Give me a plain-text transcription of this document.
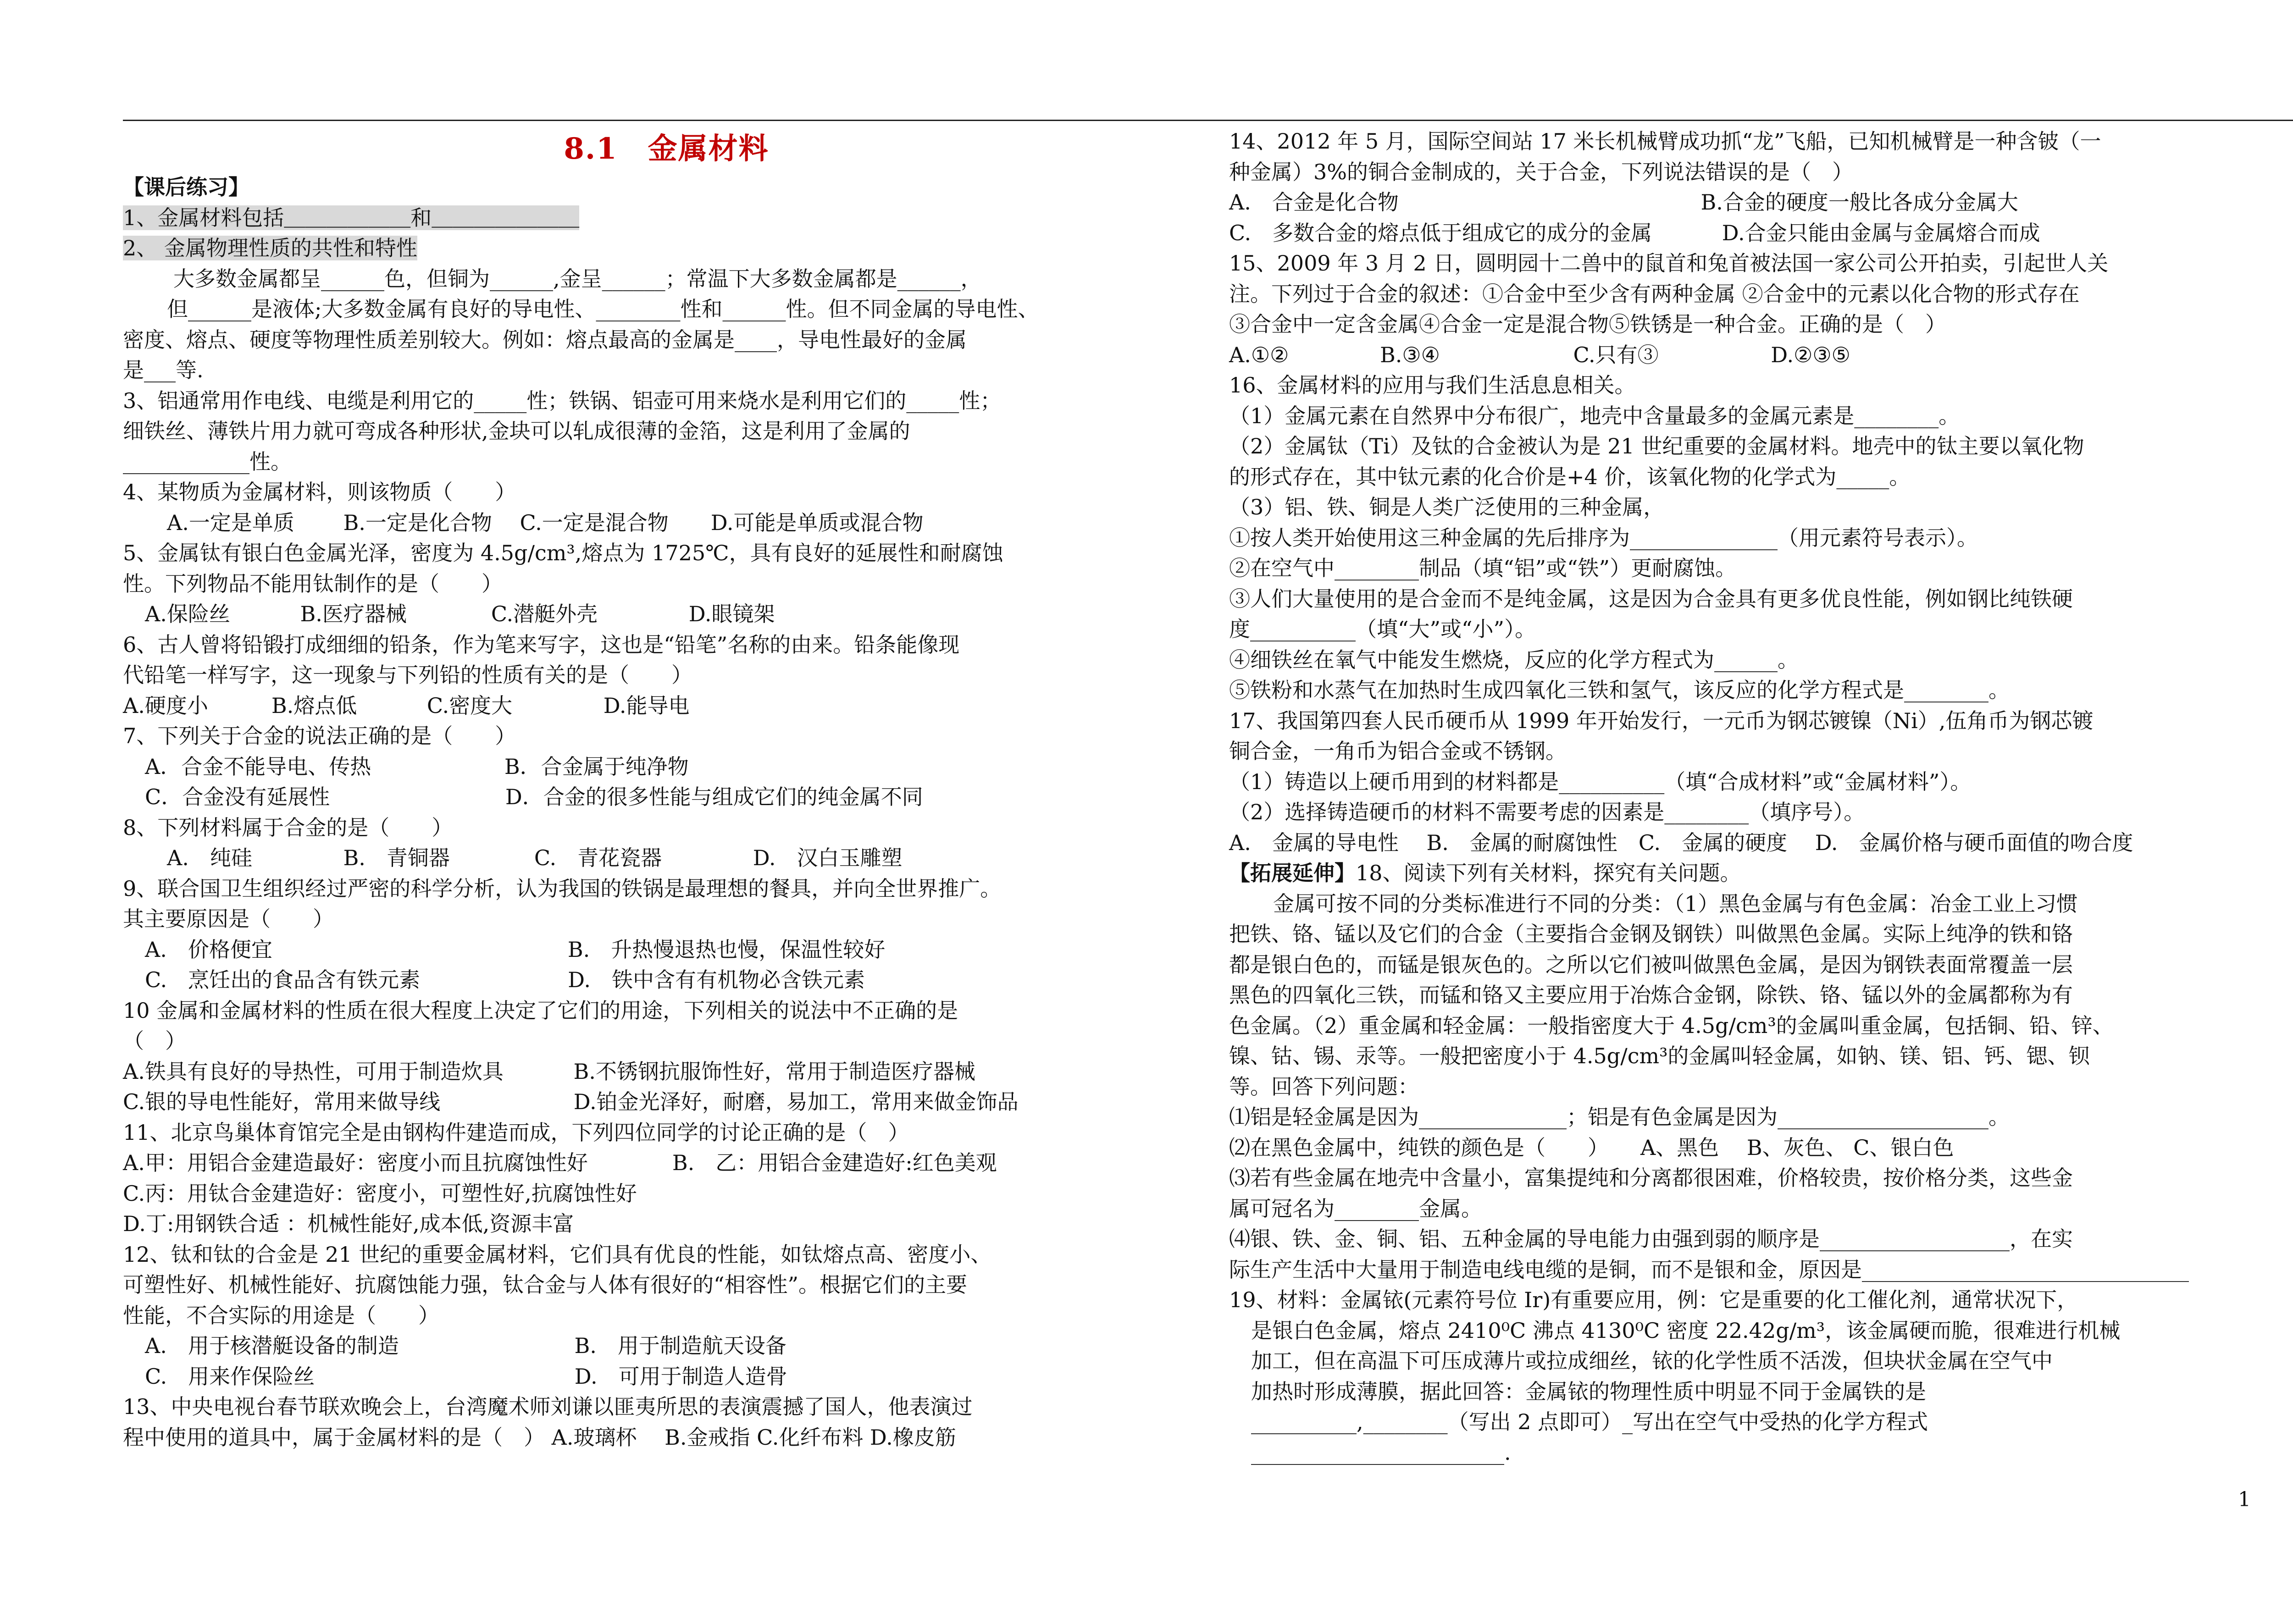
8.1　金属材料
【课后练习】
1、金属材料包括＿＿＿＿＿＿和＿＿＿＿＿＿＿
2、 金属物理性质的共性和特性
大多数金属都呈______色，但铜为______,金呈______；常温下大多数金属都是______，
但______是液体;大多数金属有良好的导电性、________性和______性。但不同金属的导电性、
密度、熔点、硬度等物理性质差别较大。例如：熔点最高的金属是____，导电性最好的金属
是___等.
3、铝通常用作电线、电缆是利用它的_____性；铁锅、铝壶可用来烧水是利用它们的_____性；
细铁丝、薄铁片用力就可弯成各种形状,金块可以轧成很薄的金箔，这是利用了金属的
____________性。
4、某物质为金属材料，则该物质（　　）
A.一定是单质　　 B.一定是化合物　 C.一定是混合物　　D.可能是单质或混合物
5、金属钛有银白色金属光泽，密度为 4.5g/cm³,熔点为 1725℃，具有良好的延展性和耐腐蚀
性。下列物品不能用钛制作的是（　　）
A.保险丝　　　 B.医疗器械　　　　C.潜艇外壳　　　　 D.眼镜架
6、古人曾将铅锻打成细细的铅条，作为笔来写字，这也是“铅笔”名称的由来。铅条能像现
代铅笔一样写字，这一现象与下列铅的性质有关的是（　　）
A.硬度小　　　B.熔点低　　　 C.密度大　　　　 D.能导电
7、下列关于合金的说法正确的是（　　）
A．合金不能导电、传热　　　　　　 B．合金属于纯净物
C．合金没有延展性　　　　　　　　 D．合金的很多性能与组成它们的纯金属不同
8、下列材料属于合金的是（　　）
A.　纯硅　　　　 B.　青铜器　　　　C.　青花瓷器　　　　 D.　汉白玉雕塑
9、联合国卫生组织经过严密的科学分析，认为我国的铁锅是最理想的餐具，并向全世界推广。
其主要原因是（　　）
A.　价格便宜　　　　　　　　　　　　　　B.　升热慢退热也慢，保温性较好
C.　烹饪出的食品含有铁元素　　　　　　　D.　铁中含有有机物必含铁元素
10 金属和金属材料的性质在很大程度上决定了它们的用途，下列相关的说法中不正确的是
（　）
A.铁具有良好的导热性，可用于制造炊具　　　 B.不锈钢抗服饰性好，常用于制造医疗器械
C.银的导电性能好，常用来做导线　　　　　　 D.铂金光泽好，耐磨，易加工，常用来做金饰品
11、北京鸟巢体育馆完全是由钢构件建造而成，下列四位同学的讨论正确的是（　）
A.甲：用铝合金建造最好：密度小而且抗腐蚀性好　　　　B.　乙：用铝合金建造好:红色美观
C.丙：用钛合金建造好：密度小，可塑性好,抗腐蚀性好
D.丁:用钢铁合适 ：机械性能好,成本低,资源丰富
12、钛和钛的合金是 21 世纪的重要金属材料，它们具有优良的性能，如钛熔点高、密度小、
可塑性好、机械性能好、抗腐蚀能力强，钛合金与人体有很好的“相容性”。根据它们的主要
性能，不合实际的用途是（　　）
A.　用于核潜艇设备的制造　　　　　　　　 B.　用于制造航天设备
C.　用来作保险丝　　　　　　　　　　　　 D.　可用于制造人造骨
13、中央电视台春节联欢晚会上，台湾魔术师刘谦以匪夷所思的表演震撼了国人，他表演过
程中使用的道具中，属于金属材料的是（　） A.玻璃杯　 B.金戒指 C.化纤布料 D.橡皮筋
14、2012 年 5 月，国际空间站 17 米长机械臂成功抓“龙”飞船，已知机械臂是一种含铍（一
种金属）3%的铜合金制成的，关于合金，下列说法错误的是（　）
A.　合金是化合物　　　　　　　　　　　　　　 B.合金的硬度一般比各成分金属大
C.　多数合金的熔点低于组成它的成分的金属　　　 D.合金只能由金属与金属熔合而成
15、2009 年 3 月 2 日，圆明园十二兽中的鼠首和兔首被法国一家公司公开拍卖，引起世人关
注。下列过于合金的叙述：①合金中至少含有两种金属 ②合金中的元素以化合物的形式存在
③合金中一定含金属④合金一定是混合物⑤铁锈是一种合金。正确的是（　）
A.①②　　　　 B.③④　　　　　　 C.只有③　　　　　 D.②③⑤
16、金属材料的应用与我们生活息息相关。
（1）金属元素在自然界中分布很广，地壳中含量最多的金属元素是________。
（2）金属钛（Ti）及钛的合金被认为是 21 世纪重要的金属材料。地壳中的钛主要以氧化物
的形式存在，其中钛元素的化合价是+4 价，该氧化物的化学式为_____。
（3）铝、铁、铜是人类广泛使用的三种金属，
①按人类开始使用这三种金属的先后排序为______________（用元素符号表示）。
②在空气中________制品（填“铝”或“铁”）更耐腐蚀。
③人们大量使用的是合金而不是纯金属，这是因为合金具有更多优良性能，例如钢比纯铁硬
度__________（填“大”或“小”）。
④细铁丝在氧气中能发生燃烧，反应的化学方程式为______。
⑤铁粉和水蒸气在加热时生成四氧化三铁和氢气，该反应的化学方程式是________。
17、我国第四套人民币硬币从 1999 年开始发行，一元币为钢芯镀镍（Ni）,伍角币为钢芯镀
铜合金，一角币为铝合金或不锈钢。
（1）铸造以上硬币用到的材料都是__________（填“合成材料”或“金属材料”）。
（2）选择铸造硬币的材料不需要考虑的因素是________（填序号）。
A.　金属的导电性　 B.　金属的耐腐蚀性　C.　金属的硬度　 D.　金属价格与硬币面值的吻合度
【拓展延伸】18、阅读下列有关材料，探究有关问题。
金属可按不同的分类标准进行不同的分类：（1）黑色金属与有色金属：冶金工业上习惯
把铁、铬、锰以及它们的合金（主要指合金钢及钢铁）叫做黑色金属。实际上纯净的铁和铬
都是银白色的，而锰是银灰色的。之所以它们被叫做黑色金属，是因为钢铁表面常覆盖一层
黑色的四氧化三铁，而锰和铬又主要应用于冶炼合金钢，除铁、铬、锰以外的金属都称为有
色金属。（2）重金属和轻金属：一般指密度大于 4.5g/cm³的金属叫重金属，包括铜、铅、锌、
镍、钴、锡、汞等。一般把密度小于 4.5g/cm³的金属叫轻金属，如钠、镁、铝、钙、锶、钡
等。回答下列问题：
⑴铝是轻金属是因为______________；铝是有色金属是因为____________________。
⑵在黑色金属中，纯铁的颜色是（　　）　　A、黑色　 B、灰色、 C、银白色
⑶若有些金属在地壳中含量小，富集提纯和分离都很困难，价格较贵，按价格分类，这些金
属可冠名为________金属。
⑷银、铁、金、铜、铝、五种金属的导电能力由强到弱的顺序是__________________，在实
际生产生活中大量用于制造电线电缆的是铜，而不是银和金，原因是_______________________________
19、材料：金属铱(元素符号位 Ir)有重要应用，例：它是重要的化工催化剂，通常状况下，
是银白色金属，熔点 2410⁰C 沸点 4130⁰C 密度 22.42g/m³，该金属硬而脆，很难进行机械
加工，但在高温下可压成薄片或拉成细丝，铱的化学性质不活泼，但块状金属在空气中
加热时形成薄膜，据此回答：金属铱的物理性质中明显不同于金属铁的是
__________,________（写出 2 点即可）_写出在空气中受热的化学方程式
________________________.
1
